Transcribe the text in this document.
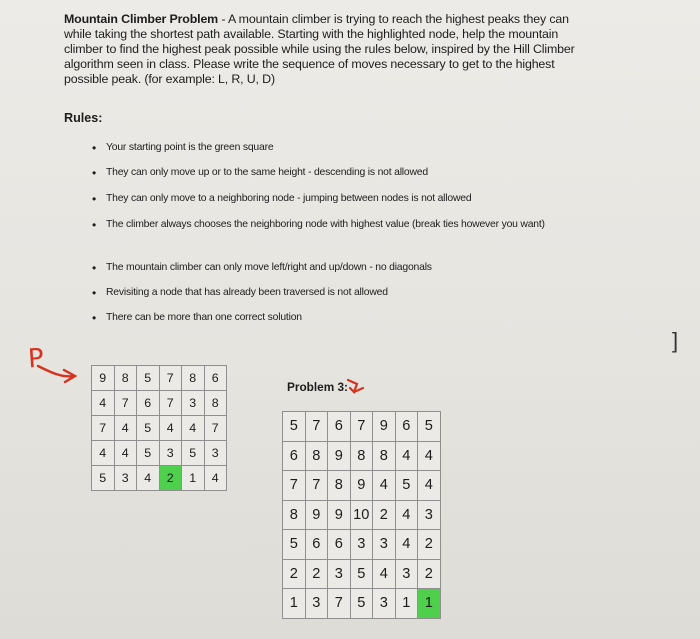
Mountain Climber Problem - A mountain climber is trying to reach the highest peaks they can
while taking the shortest path available. Starting with the highlighted node, help the mountain
climber to find the highest peak possible while using the rules below, inspired by the Hill Climber
algorithm seen in class. Please write the sequence of moves necessary to get to the highest
possible peak. (for example: L, R, U, D)
Rules:
• Your starting point is the green square
• They can only move up or to the same height - descending is not allowed
• They can only move to a neighboring node - jumping between nodes is not allowed
• The climber always chooses the neighboring node with highest value (break ties however you want)
• The mountain climber can only move left/right and up/down - no diagonals
• Revisiting a node that has already been traversed is not allowed
• There can be more than one correct solution
P
]
9	8	5	7	8	6
4	7	6	7	3	8
7	4	5	4	4	7
4	4	5	3	5	3
5	3	4	2	1	4
Problem 3:
5	7	6	7	9	6	5
6	8	9	8	8	4	4
7	7	8	9	4	5	4
8	9	9	10	2	4	3
5	6	6	3	3	4	2
2	2	3	5	4	3	2
1	3	7	5	3	1	1
